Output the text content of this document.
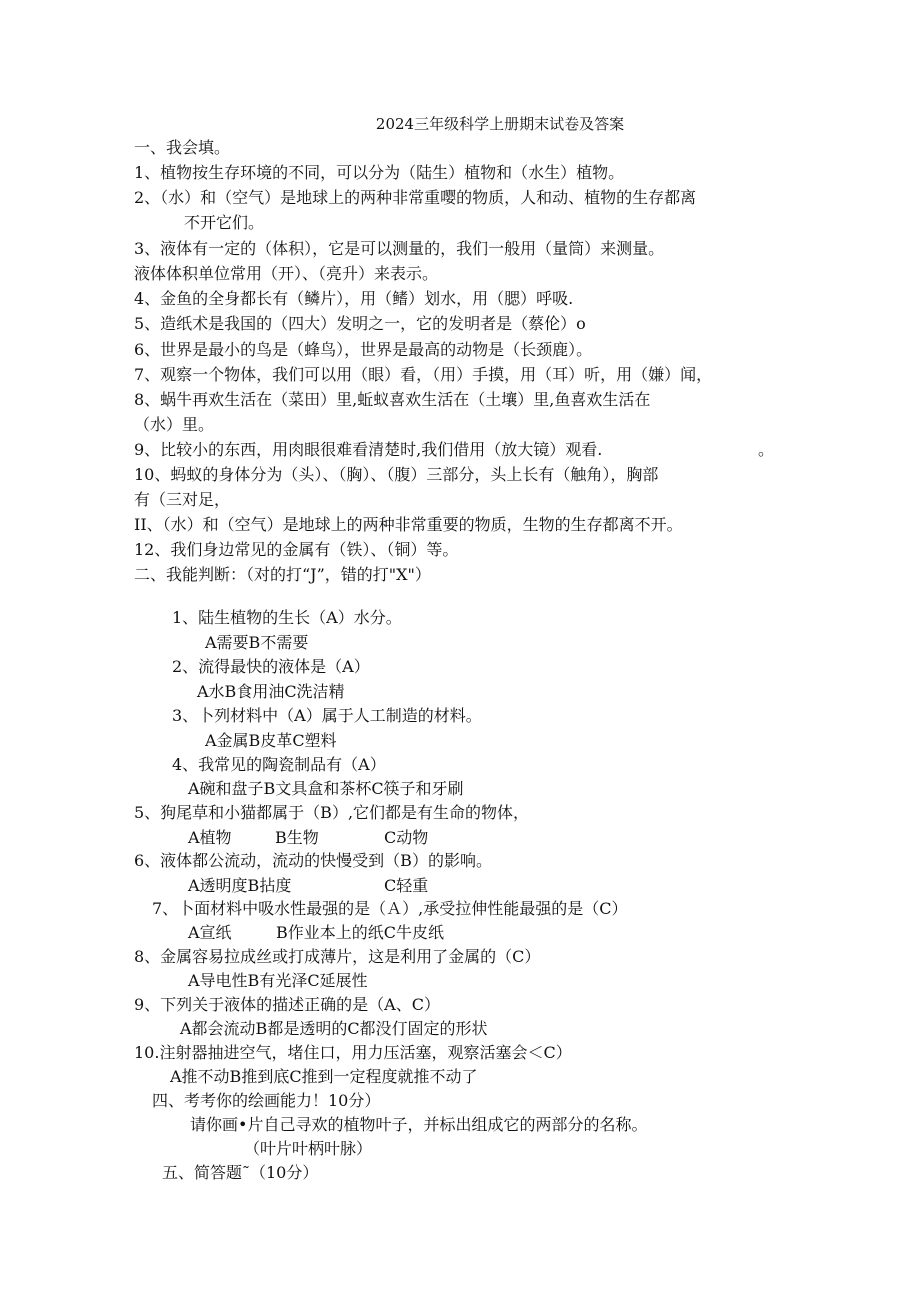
2024三年级科学上册期末试卷及答案
一、我会填。
1、植物按生存环境的不同，可以分为（陆生）植物和（水生）植物。
2、（水）和（空气）是地球上的两种非常重嘤的物质，人和动、植物的生存都离
不开它们。
3、液体有一定的（体积），它是可以测量的，我们一般用（量筒）来测量。
液体体积单位常用（开）、（亮升）来表示。
4、金鱼的全身都长有（鳞片），用（鳍）划水，用（腮）呼吸.
5、造纸术是我国的（四大）发明之一，它的发明者是（蔡伦）o
6、世界是最小的鸟是（蜂鸟），世界是最高的动物是（长颈鹿）。
7、观察一个物体，我们可以用（眼）看，（用）手摸，用（耳）听，用（嫌）闻，
8、蜗牛再欢生活在（菜田）里,蚯蚁喜欢生活在（土壤）里,鱼喜欢生活在
（水）里。
9、比较小的东西，用肉眼很难看清楚时,我们借用（放大镜）观看.	。
10、蚂蚁的身体分为（头）、（胸）、（腹）三部分，头上长有（触角），胸部
有（三对足，
II、（水）和（空气）是地球上的两种非常重要的物质，生物的生存都离不开。
12、我们身边常见的金属有（铁）、（铜）等。
二、我能判断：（对的打“J”，错的打"X"）
1、陆生植物的生长（A）水分。
A需要B不需要
2、流得最快的液体是（A）
A水B食用油C洗洁精
3、卜列材料中（A）属于人工制造的材料。
A金属B皮革C塑料
4、我常见的陶瓷制品有（A）
A碗和盘子B文具盒和茶杯C筷子和牙刷
5、狗尾草和小猫都属于（B）,它们都是有生命的物体，
A植物	B生物	C动物
6、液体都公流动，流动的快慢受到（B）的影响。
A透明度B拈度	C轻重
7、卜面材料中吸水性最强的是（Ａ）,承受拉伸性能最强的是（C）
A宣纸	B作业本上的纸C牛皮纸
8、金属容易拉成丝或打成薄片，这是利用了金属的（C）
A导电性B有光泽C延展性
9、下列关于液体的描述正确的是（A、C）
A都会流动B都是透明的C都没仃固定的形状
10.注射器抽进空气，堵住口，用力压活塞，观察活塞会＜C）
A推不动B推到底C推到一定程度就推不动了
四、考考你的绘画能力！10分）
请你画•片自己寻欢的植物叶子，并标出组成它的两部分的名称。
（叶片叶柄叶脉）
五、简答题˜（10分）
